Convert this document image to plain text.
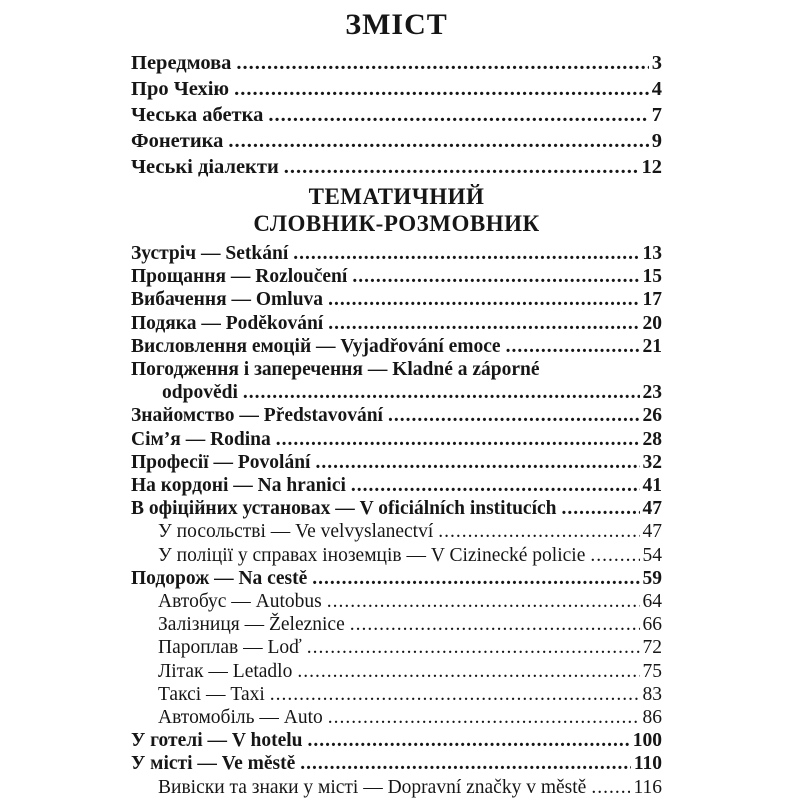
ЗМІСТ
Передмова .....	3
Про Чехію .....	4
Чеська абетка .....	7
Фонетика .....	9
Чеські діалекти .....	12
ТЕМАТИЧНИЙ
СЛОВНИК-РОЗМОВНИК
Зустріч — Setkání .....	13
Прощання — Rozloučení .....	15
Вибачення — Omluva .....	17
Подяка — Poděkování .....	20
Висловлення емоцій — Vyjadřování emoce .....	21
Погодження і заперечення — Kladné a záporné
odpovědi .....	23
Знайомство — Představování .....	26
Сім’я — Rodina .....	28
Професії — Povolání .....	32
На кордоні — Na hranici .....	41
В офіційних установах — V oficiálních institucích .....	47
У посольстві — Ve velvyslanectví .....	47
У поліції у справах іноземців — V Cizinecké policie .....	54
Подорож — Na cestě .....	59
Автобус — Autobus .....	64
Залізниця — Železnice .....	66
Пароплав — Loď .....	72
Літак — Letadlo .....	75
Таксі — Taxi .....	83
Автомобіль — Auto .....	86
У готелі — V hotelu .....	100
У місті — Ve městě .....	110
Вивіски та знаки у місті — Dopravní značky v městě ..... 116
